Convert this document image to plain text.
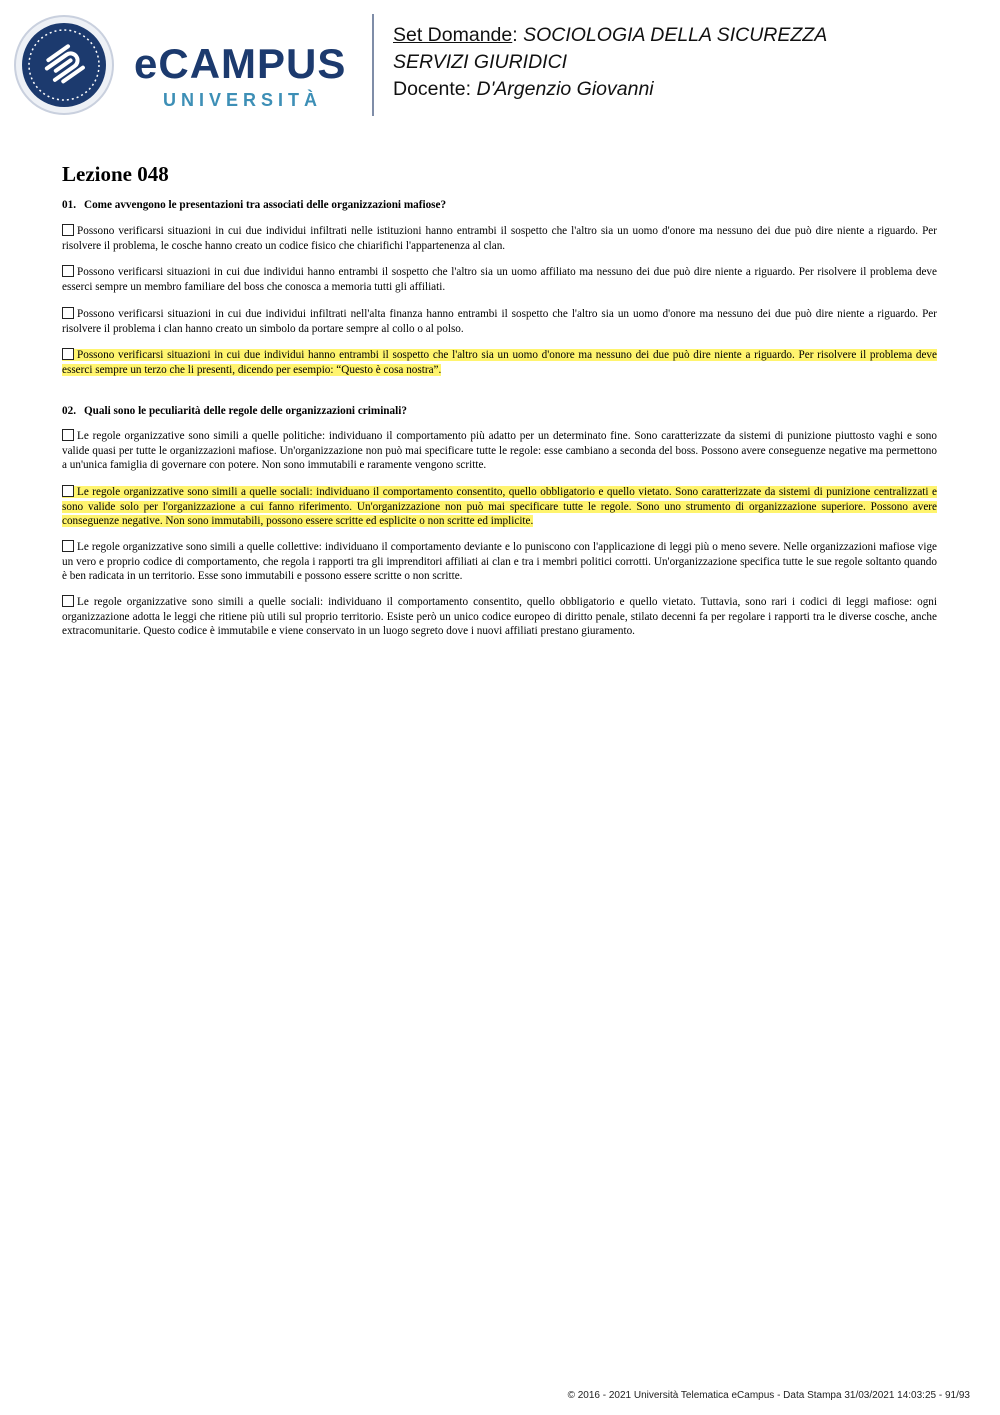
eCAMPUS
UNIVERSITÀ
Set Domande: SOCIOLOGIA DELLA SICUREZZA
SERVIZI GIURIDICI
Docente: D'Argenzio Giovanni
Lezione 048

01. Come avvengono le presentazioni tra associati delle organizzazioni mafiose?

Possono verificarsi situazioni in cui due individui infiltrati nelle istituzioni hanno entrambi il sospetto che l'altro sia un uomo d'onore ma nessuno dei due può dire niente a riguardo. Per risolvere il problema, le cosche hanno creato un codice fisico che chiarifichi l'appartenenza al clan.

Possono verificarsi situazioni in cui due individui hanno entrambi il sospetto che l'altro sia un uomo affiliato ma nessuno dei due può dire niente a riguardo. Per risolvere il problema deve esserci sempre un membro familiare del boss che conosca a memoria tutti gli affiliati.

Possono verificarsi situazioni in cui due individui infiltrati nell'alta finanza hanno entrambi il sospetto che l'altro sia un uomo d'onore ma nessuno dei due può dire niente a riguardo. Per risolvere il problema i clan hanno creato un simbolo da portare sempre al collo o al polso.

Possono verificarsi situazioni in cui due individui hanno entrambi il sospetto che l'altro sia un uomo d'onore ma nessuno dei due può dire niente a riguardo. Per risolvere il problema deve esserci sempre un terzo che li presenti, dicendo per esempio: “Questo è cosa nostra”.

02. Quali sono le peculiarità delle regole delle organizzazioni criminali?

Le regole organizzative sono simili a quelle politiche: individuano il comportamento più adatto per un determinato fine. Sono caratterizzate da sistemi di punizione piuttosto vaghi e sono valide quasi per tutte le organizzazioni mafiose. Un'organizzazione non può mai specificare tutte le regole: esse cambiano a seconda del boss. Possono avere conseguenze negative ma permettono a un'unica famiglia di governare con potere. Non sono immutabili e raramente vengono scritte.

Le regole organizzative sono simili a quelle sociali: individuano il comportamento consentito, quello obbligatorio e quello vietato. Sono caratterizzate da sistemi di punizione centralizzati e sono valide solo per l'organizzazione a cui fanno riferimento. Un'organizzazione non può mai specificare tutte le regole. Sono uno strumento di organizzazione superiore. Possono avere conseguenze negative. Non sono immutabili, possono essere scritte ed esplicite o non scritte ed implicite.

Le regole organizzative sono simili a quelle collettive: individuano il comportamento deviante e lo puniscono con l'applicazione di leggi più o meno severe. Nelle organizzazioni mafiose vige un vero e proprio codice di comportamento, che regola i rapporti tra gli imprenditori affiliati ai clan e tra i membri politici corrotti. Un'organizzazione specifica tutte le sue regole soltanto quando è ben radicata in un territorio. Esse sono immutabili e possono essere scritte o non scritte.

Le regole organizzative sono simili a quelle sociali: individuano il comportamento consentito, quello obbligatorio e quello vietato. Tuttavia, sono rari i codici di leggi mafiose: ogni organizzazione adotta le leggi che ritiene più utili sul proprio territorio. Esiste però un unico codice europeo di diritto penale, stilato decenni fa per regolare i rapporti tra le diverse cosche, anche extracomunitarie. Questo codice è immutabile e viene conservato in un luogo segreto dove i nuovi affiliati prestano giuramento.

© 2016 - 2021 Università Telematica eCampus - Data Stampa 31/03/2021 14:03:25 - 91/93
